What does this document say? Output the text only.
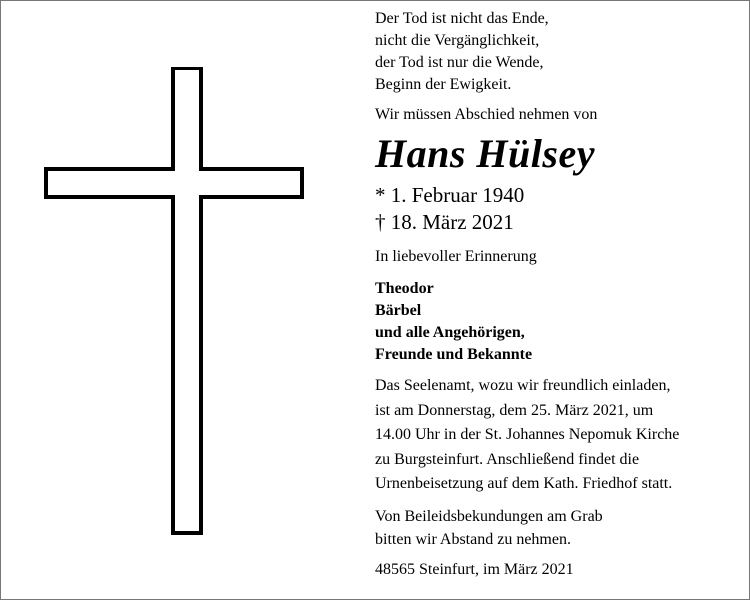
Der Tod ist nicht das Ende,
nicht die Vergänglichkeit,
der Tod ist nur die Wende,
Beginn der Ewigkeit.

Wir müssen Abschied nehmen von
Hans Hülsey
* 1. Februar 1940
† 18. März 2021
In liebevoller Erinnerung
Theodor
Bärbel
und alle Angehörigen,
Freunde und Bekannte
Das Seelenamt, wozu wir freundlich einladen,
ist am Donnerstag, dem 25. März 2021, um
14.00 Uhr in der St. Johannes Nepomuk Kirche
zu Burgsteinfurt. Anschließend findet die
Urnenbeisetzung auf dem Kath. Friedhof statt.
Von Beileidsbekundungen am Grab
bitten wir Abstand zu nehmen.
48565 Steinfurt, im März 2021
